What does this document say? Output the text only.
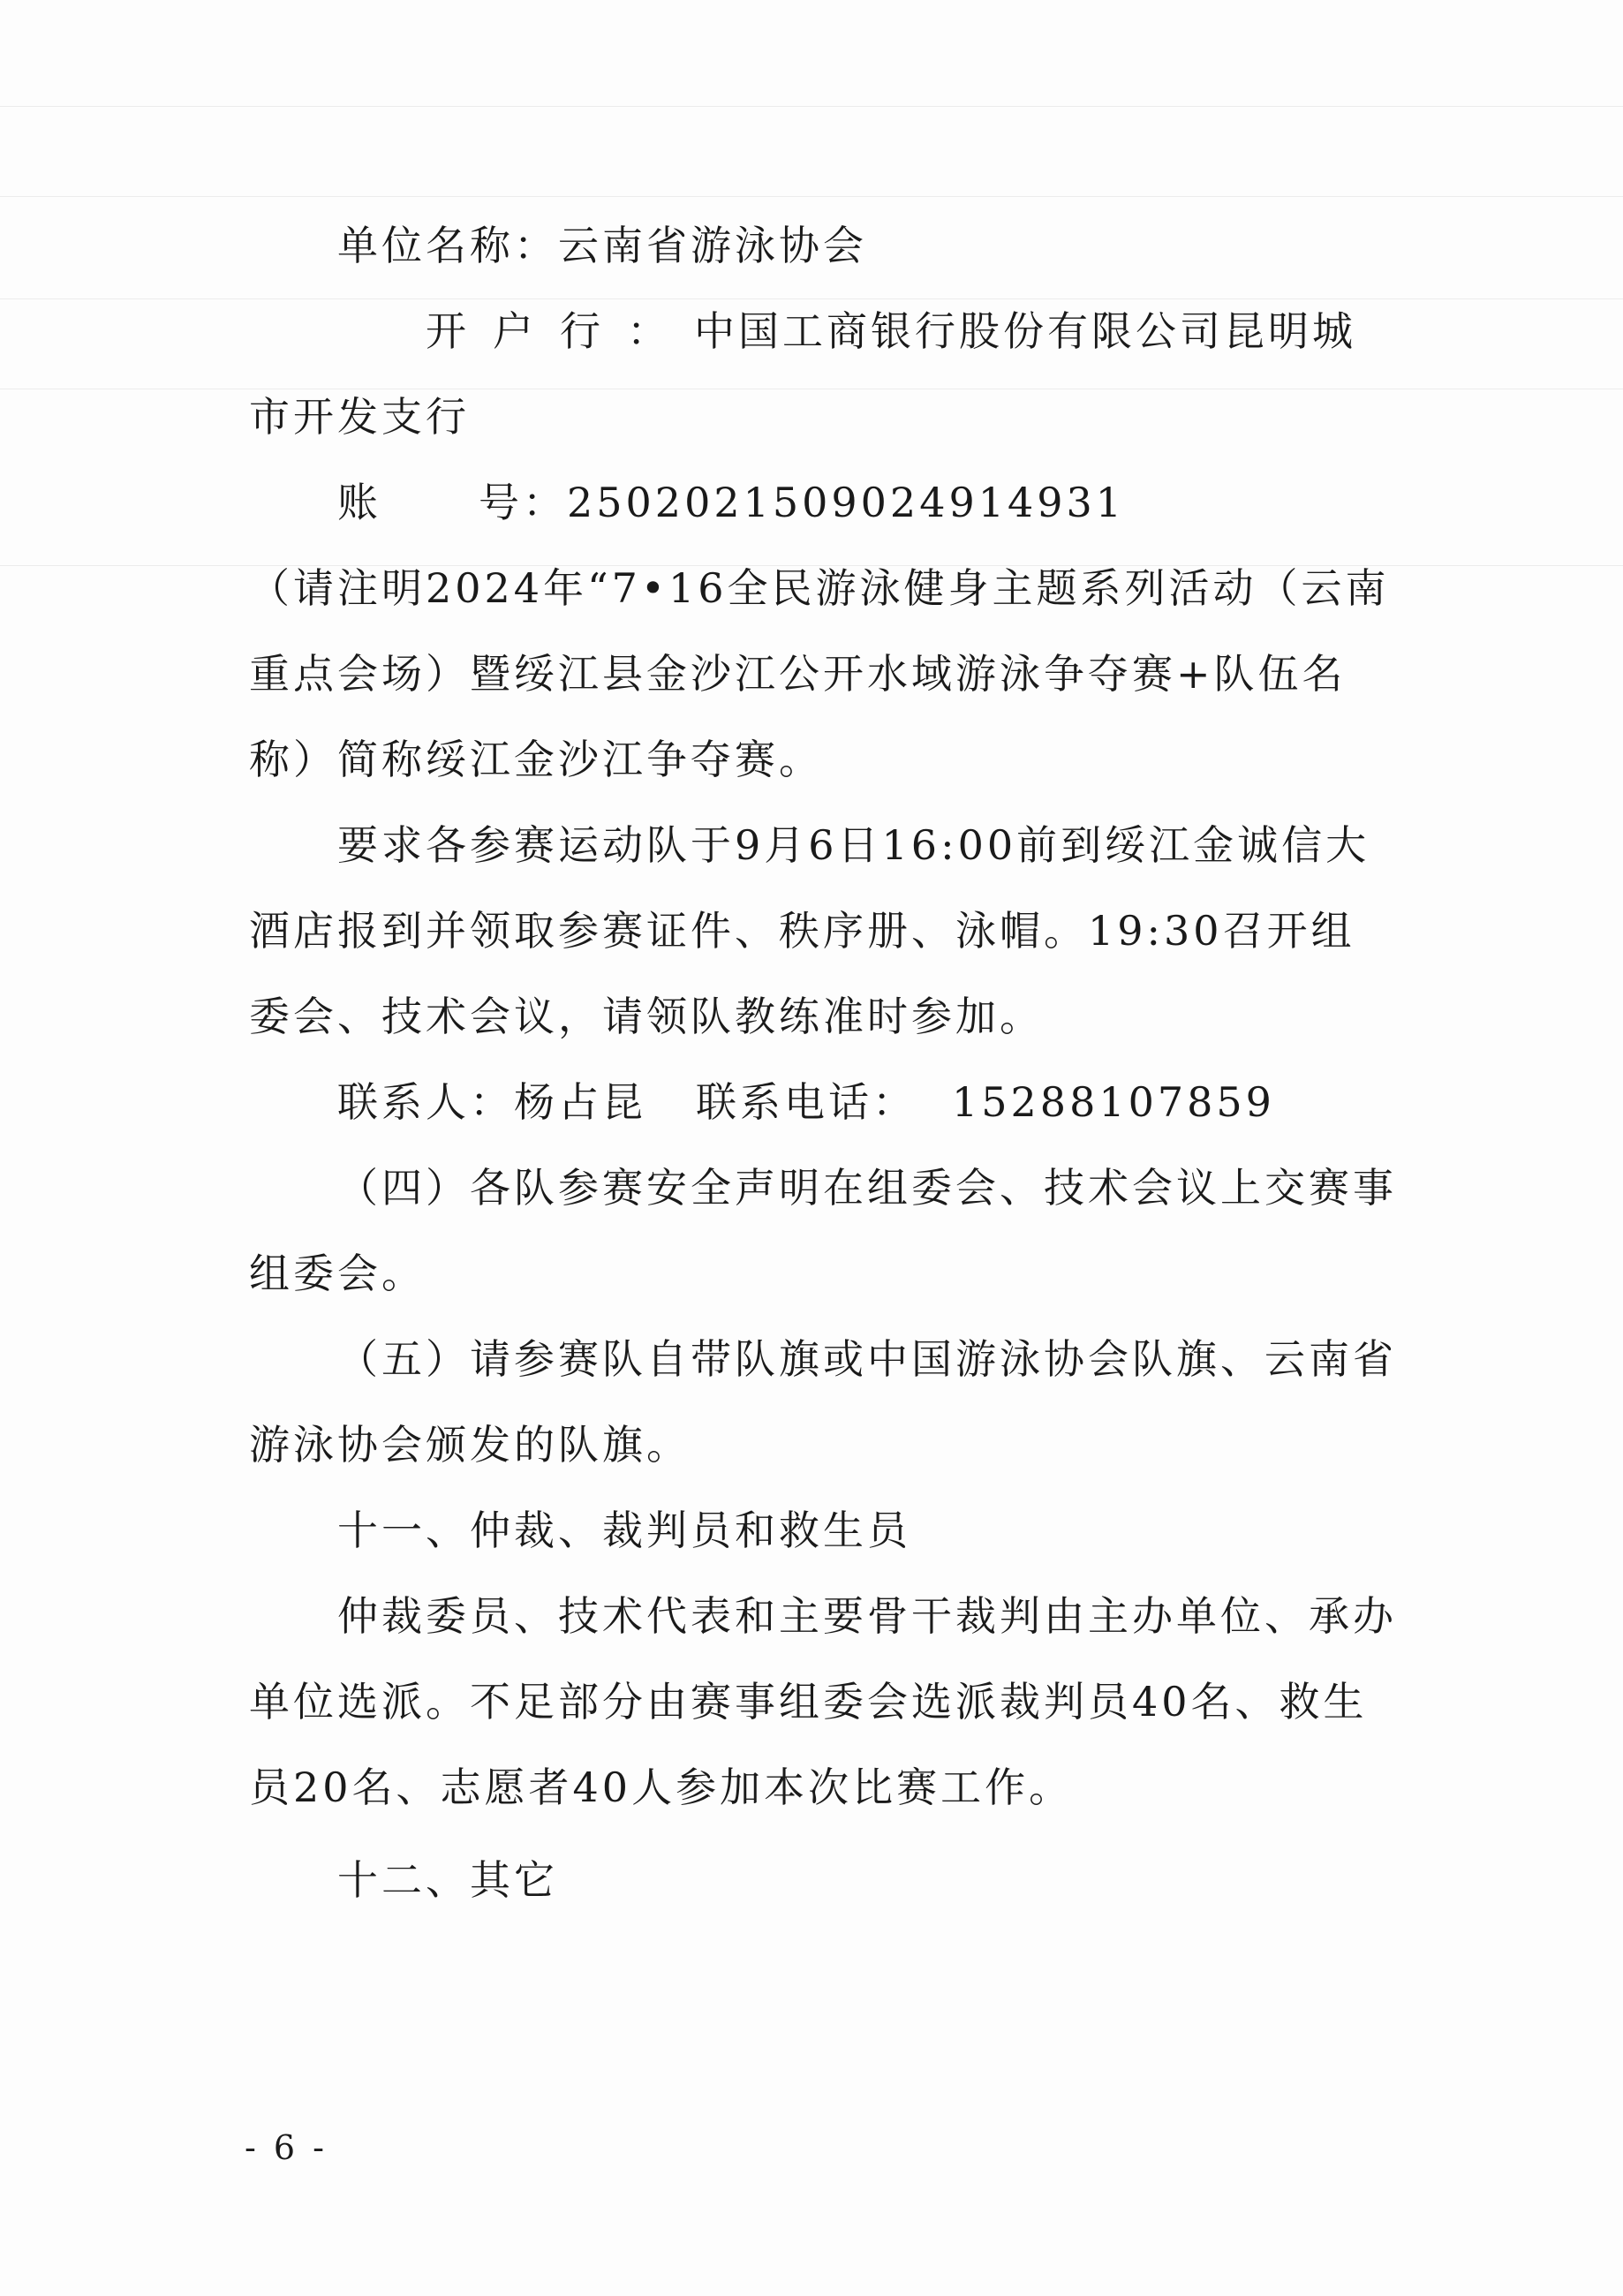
单位名称：云南省游泳协会

开户行：中国工商银行股份有限公司昆明城市开发支行

账 号：2502021509024914931

（请注明2024年“7•16全民游泳健身主题系列活动（云南重点会场）暨绥江县金沙江公开水域游泳争夺赛+队伍名称）简称绥江金沙江争夺赛。

要求各参赛运动队于9月6日16:00前到绥江金诚信大酒店报到并领取参赛证件、秩序册、泳帽。19:30召开组委会、技术会议，请领队教练准时参加。

联系人：杨占昆 联系电话： 15288107859

（四）各队参赛安全声明在组委会、技术会议上交赛事组委会。

（五）请参赛队自带队旗或中国游泳协会队旗、云南省游泳协会颁发的队旗。

十一、仲裁、裁判员和救生员

仲裁委员、技术代表和主要骨干裁判由主办单位、承办单位选派。不足部分由赛事组委会选派裁判员40名、救生员20名、志愿者40人参加本次比赛工作。

十二、其它

- 6 -
